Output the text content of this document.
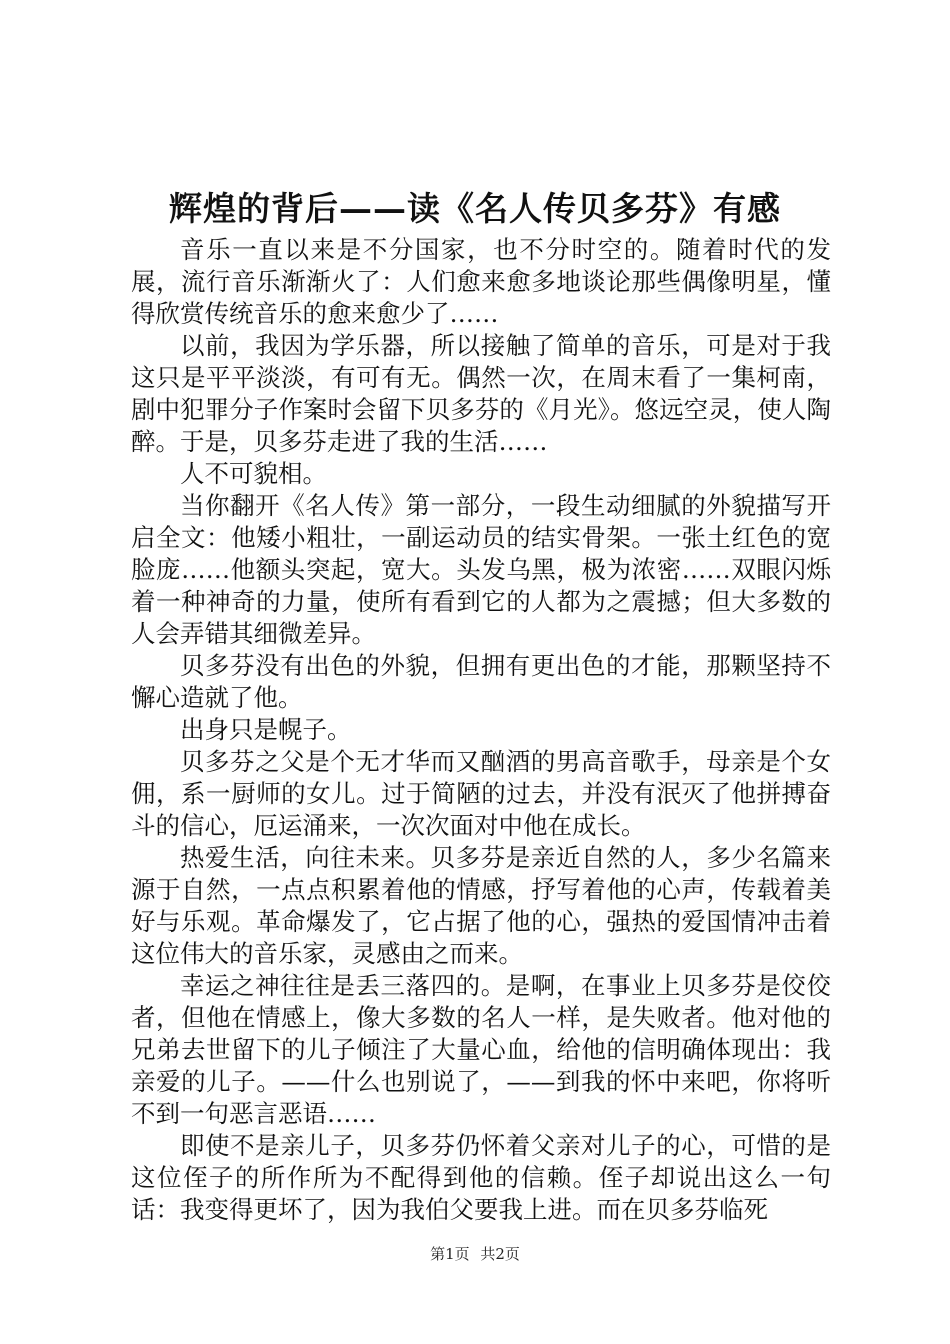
辉煌的背后——读《名人传贝多芬》有感

音乐一直以来是不分国家，也不分时空的。随着时代的发展，流行音乐渐渐火了：人们愈来愈多地谈论那些偶像明星，懂得欣赏传统音乐的愈来愈少了……

以前，我因为学乐器，所以接触了简单的音乐，可是对于我这只是平平淡淡，有可有无。偶然一次，在周末看了一集柯南，剧中犯罪分子作案时会留下贝多芬的《月光》。悠远空灵，使人陶醉。于是，贝多芬走进了我的生活……

人不可貌相。

当你翻开《名人传》第一部分，一段生动细腻的外貌描写开启全文：他矮小粗壮，一副运动员的结实骨架。一张土红色的宽脸庞……他额头突起，宽大。头发乌黑，极为浓密……双眼闪烁着一种神奇的力量，使所有看到它的人都为之震撼；但大多数的人会弄错其细微差异。

贝多芬没有出色的外貌，但拥有更出色的才能，那颗坚持不懈心造就了他。

出身只是幌子。

贝多芬之父是个无才华而又酗酒的男高音歌手，母亲是个女佣，系一厨师的女儿。过于简陋的过去，并没有泯灭了他拼搏奋斗的信心，厄运涌来，一次次面对中他在成长。

热爱生活，向往未来。贝多芬是亲近自然的人，多少名篇来源于自然，一点点积累着他的情感，抒写着他的心声，传载着美好与乐观。革命爆发了，它占据了他的心，强热的爱国情冲击着这位伟大的音乐家，灵感由之而来。

幸运之神往往是丢三落四的。是啊，在事业上贝多芬是佼佼者，但他在情感上，像大多数的名人一样，是失败者。他对他的兄弟去世留下的儿子倾注了大量心血，给他的信明确体现出：我亲爱的儿子。——什么也别说了，——到我的怀中来吧，你将听不到一句恶言恶语……

即使不是亲儿子，贝多芬仍怀着父亲对儿子的心，可惜的是这位侄子的所作所为不配得到他的信赖。侄子却说出这么一句话：我变得更坏了，因为我伯父要我上进。而在贝多芬临死

第1页 共2页
